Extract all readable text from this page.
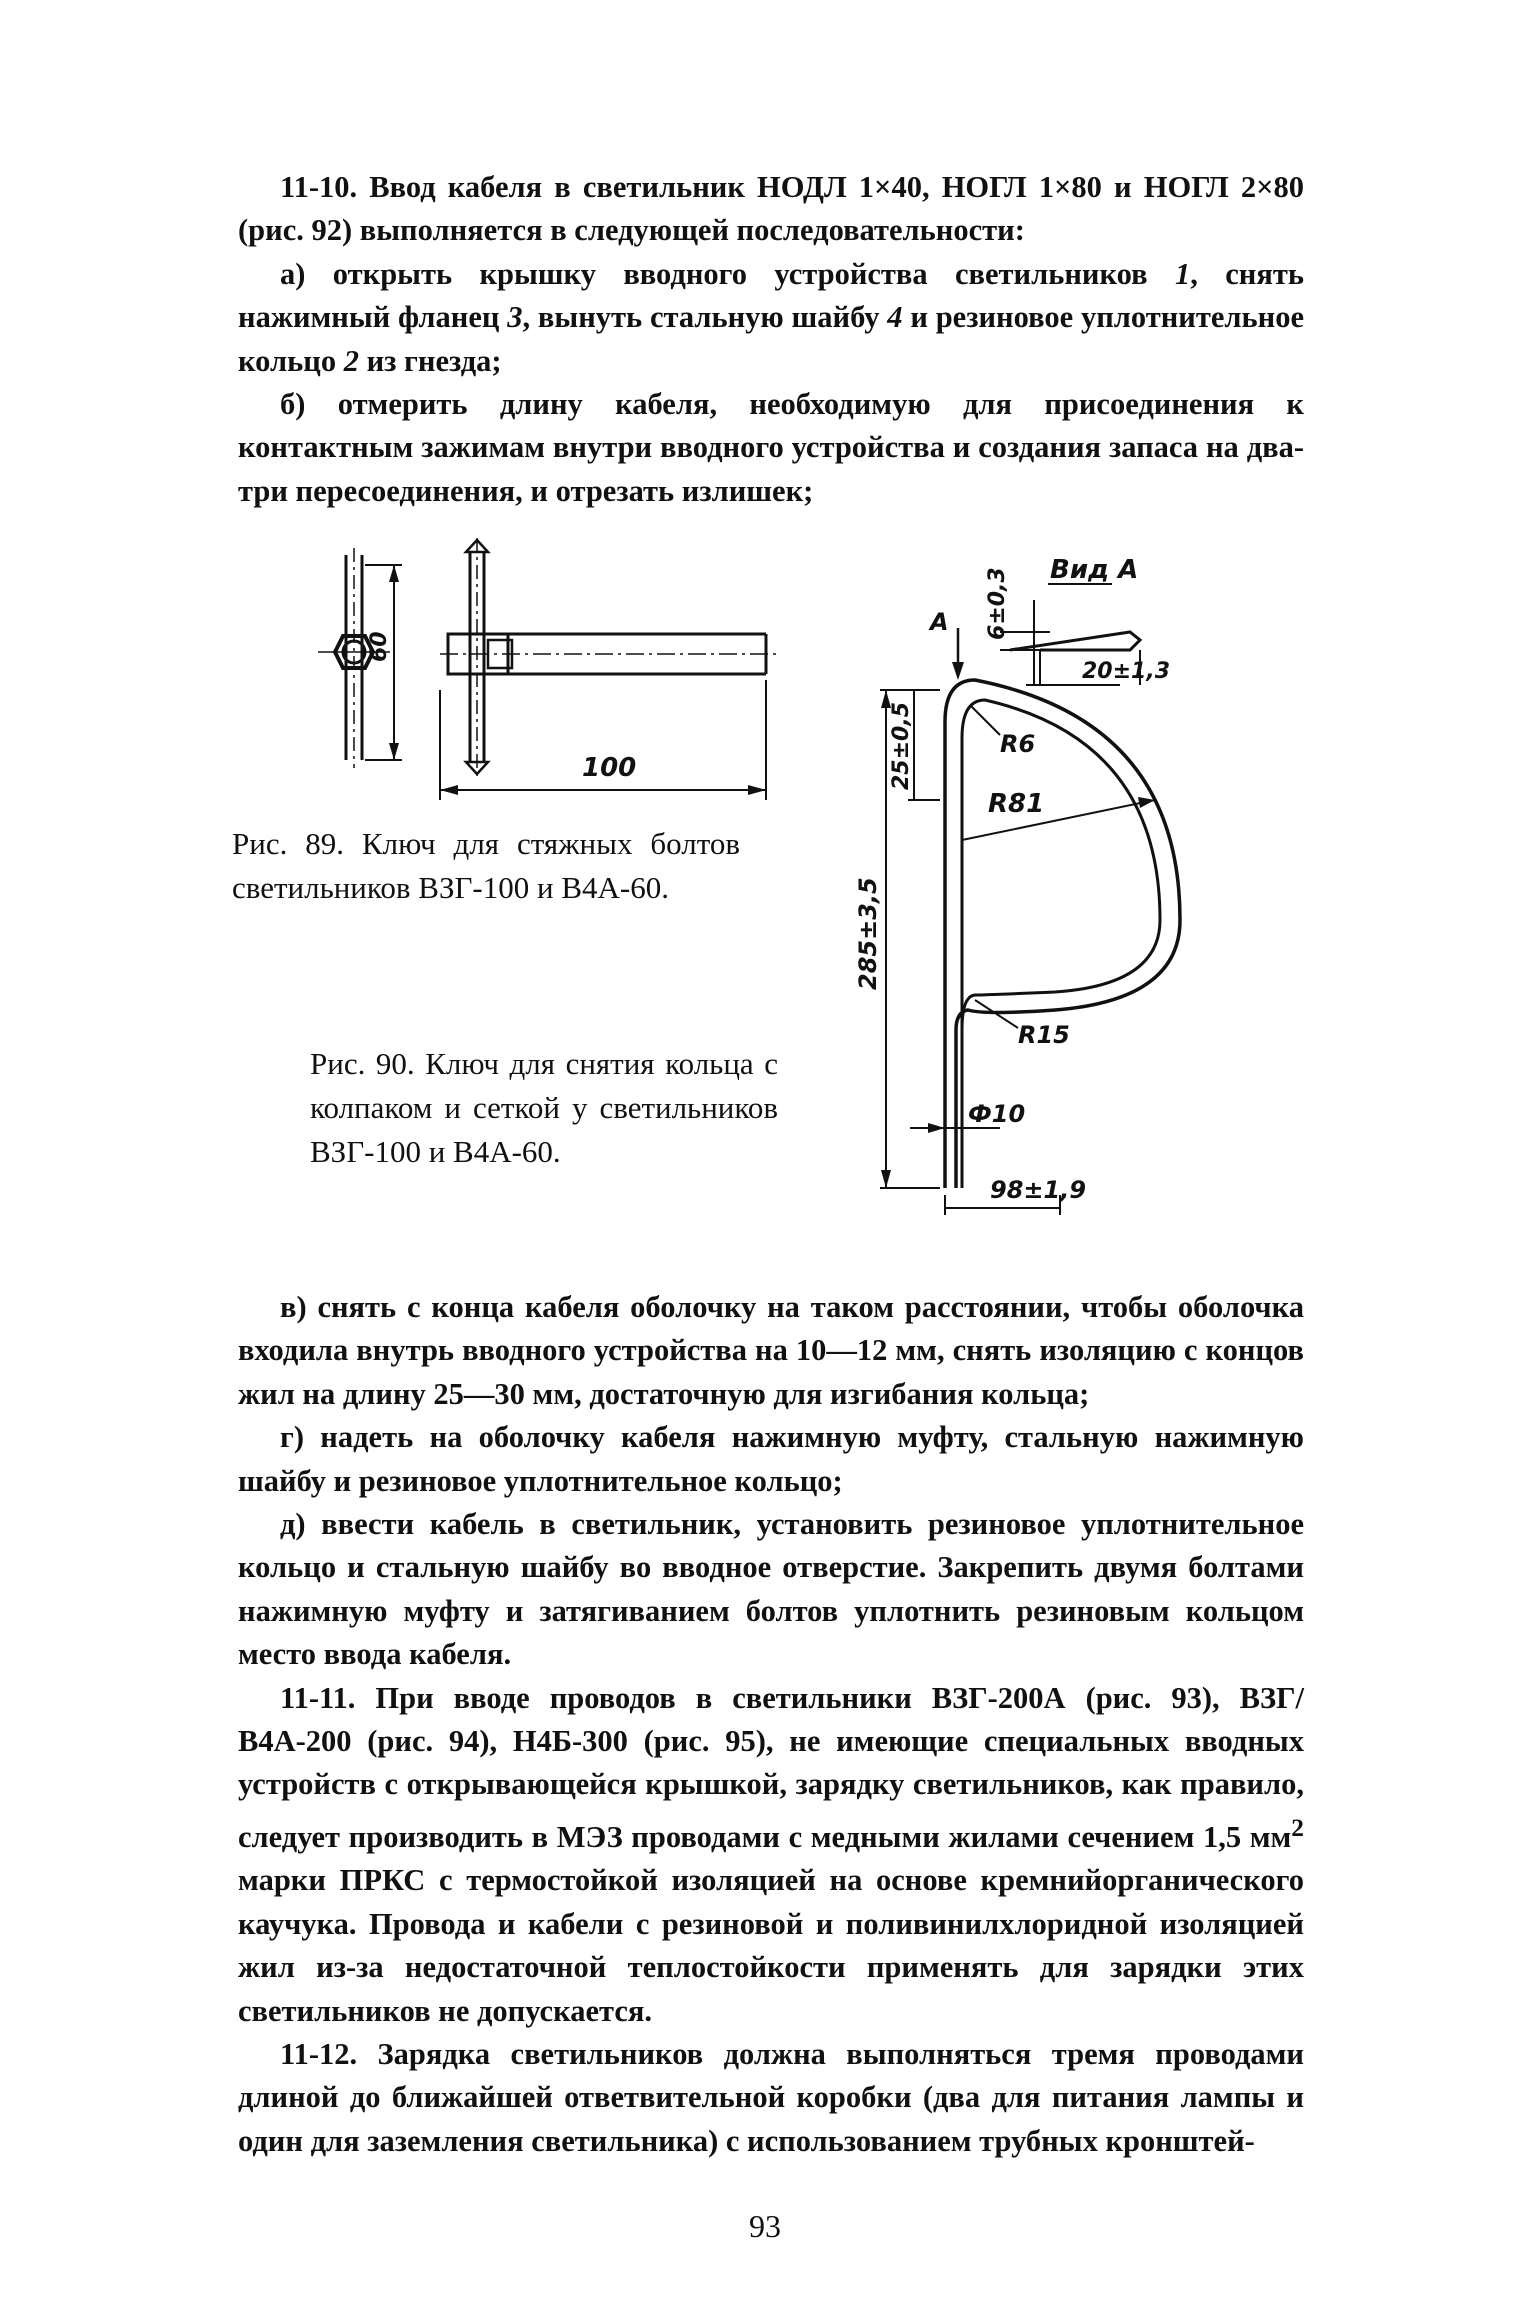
11-10. Ввод кабеля в светильник НОДЛ 1×40, НОГЛ 1×80 и НОГЛ 2×80 (рис. 92) выполняется в следующей последовательности:

а) открыть крышку вводного устройства светильников 1, снять нажимный фланец 3, вынуть стальную шайбу 4 и резиновое уплотнительное кольцо 2 из гнезда;

б) отмерить длину кабеля, необходимую для присоединения к контактным зажимам внутри вводного устройства и создания запаса на два-три пересоединения, и отрезать излишек;

60
100
Вид А
А 6±0,3
20±1,3
25±0,5
285±3,5
R6
R81
R15
Ф10
98±1,9

Рис. 89. Ключ для стяжных болтов светильников ВЗГ-100 и В4А-60.

Рис. 90. Ключ для снятия кольца с колпаком и сеткой у светильников ВЗГ-100 и В4А-60.

в) снять с конца кабеля оболочку на таком расстоянии, чтобы оболочка входила внутрь вводного устройства на 10—12 мм, снять изоляцию с концов жил на длину 25—30 мм, достаточную для изгибания кольца;

г) надеть на оболочку кабеля нажимную муфту, стальную нажимную шайбу и резиновое уплотнительное кольцо;

д) ввести кабель в светильник, установить резиновое уплотнительное кольцо и стальную шайбу во вводное отверстие. Закрепить двумя болтами нажимную муфту и затягиванием болтов уплотнить резиновым кольцом место ввода кабеля.

11-11. При вводе проводов в светильники ВЗГ-200А (рис. 93), ВЗГ/В4А-200 (рис. 94), Н4Б-300 (рис. 95), не имеющие специальных вводных устройств с открывающейся крышкой, зарядку светильников, как правило, следует производить в МЭЗ проводами с медными жилами сечением 1,5 $мм^2$ марки ПРКС с термостойкой изоляцией на основе кремнийорганического каучука. Провода и кабели с резиновой и поливинилхлоридной изоляцией жил из-за недостаточной теплостойкости применять для зарядки этих светильников не допускается.

11-12. Зарядка светильников должна выполняться тремя проводами длиной до ближайшей ответвительной коробки (два для питания лампы и один для заземления светильника) с использованием трубных кронштей-

93
